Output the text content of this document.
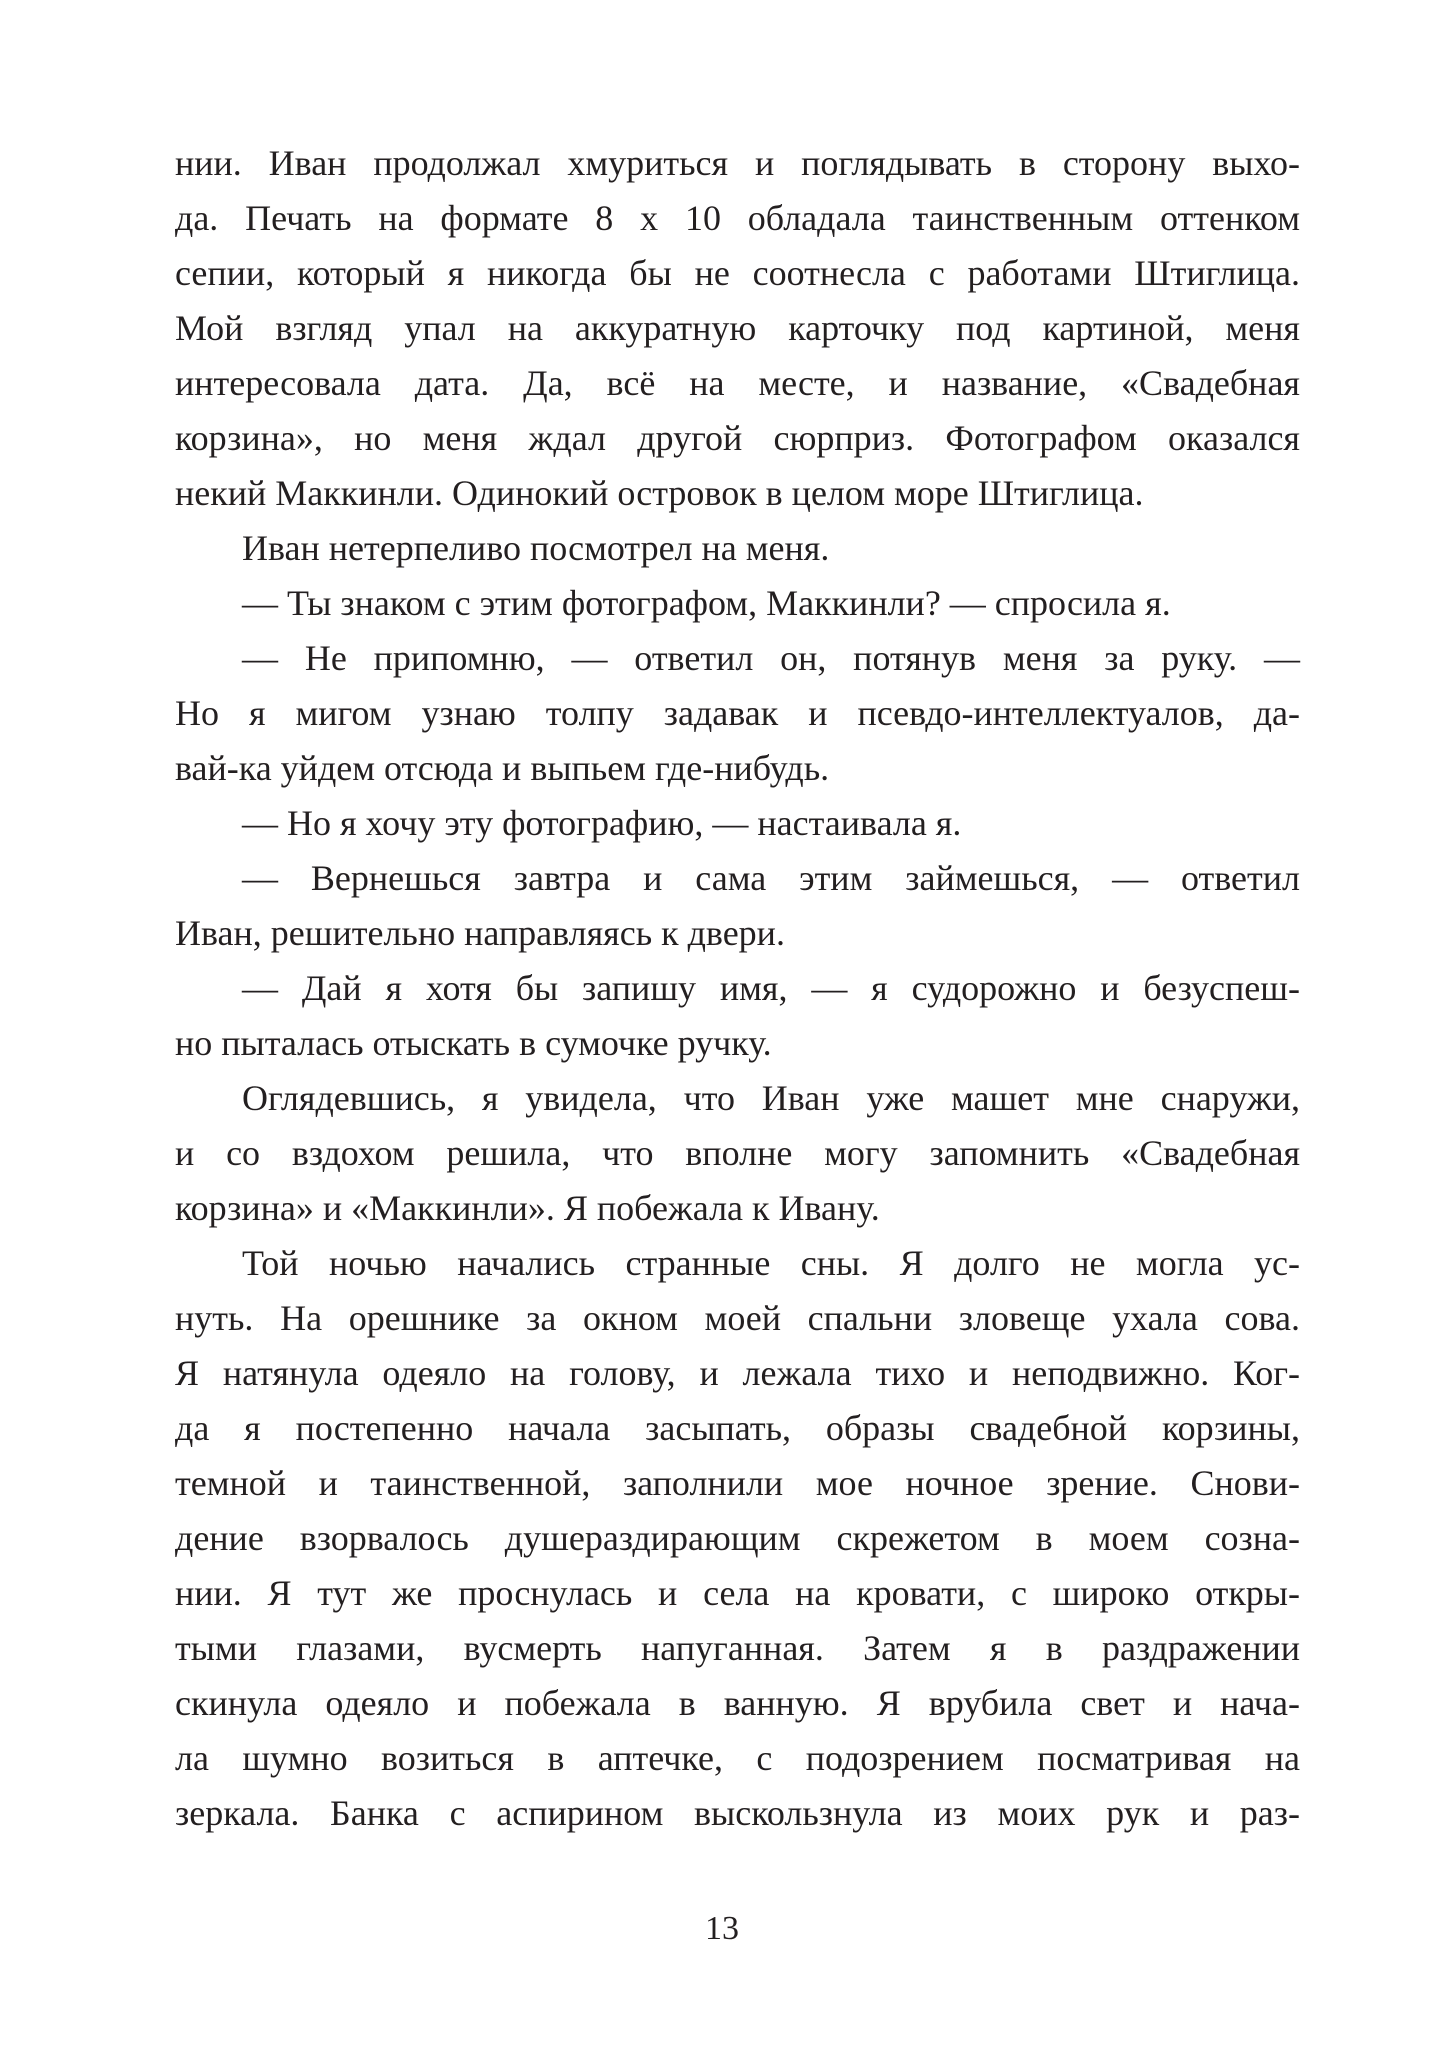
нии. Иван продолжал хмуриться и поглядывать в сторону выхо-
да. Печать на формате 8 х 10 обладала таинственным оттенком
сепии, который я никогда бы не соотнесла с работами Штиглица.
Мой взгляд упал на аккуратную карточку под картиной, меня
интересовала дата. Да, всё на месте, и название, «Свадебная
корзина», но меня ждал другой сюрприз. Фотографом оказался
некий Маккинли. Одинокий островок в целом море Штиглица.
Иван нетерпеливо посмотрел на меня.
— Ты знаком с этим фотографом, Маккинли? — спросила я.
— Не припомню, — ответил он, потянув меня за руку. —
Но я мигом узнаю толпу задавак и псевдо-интеллектуалов, да-
вай-ка уйдем отсюда и выпьем где-нибудь.
— Но я хочу эту фотографию, — настаивала я.
— Вернешься завтра и сама этим займешься, — ответил
Иван, решительно направляясь к двери.
— Дай я хотя бы запишу имя, — я судорожно и безуспеш-
но пыталась отыскать в сумочке ручку.
Оглядевшись, я увидела, что Иван уже машет мне снаружи,
и со вздохом решила, что вполне могу запомнить «Свадебная
корзина» и «Маккинли». Я побежала к Ивану.
Той ночью начались странные сны. Я долго не могла ус-
нуть. На орешнике за окном моей спальни зловеще ухала сова.
Я натянула одеяло на голову, и лежала тихо и неподвижно. Ког-
да я постепенно начала засыпать, образы свадебной корзины,
темной и таинственной, заполнили мое ночное зрение. Снови-
дение взорвалось душераздирающим скрежетом в моем созна-
нии. Я тут же проснулась и села на кровати, с широко откры-
тыми глазами, вусмерть напуганная. Затем я в раздражении
скинула одеяло и побежала в ванную. Я врубила свет и нача-
ла шумно возиться в аптечке, с подозрением посматривая на
зеркала. Банка с аспирином выскользнула из моих рук и раз-
13
